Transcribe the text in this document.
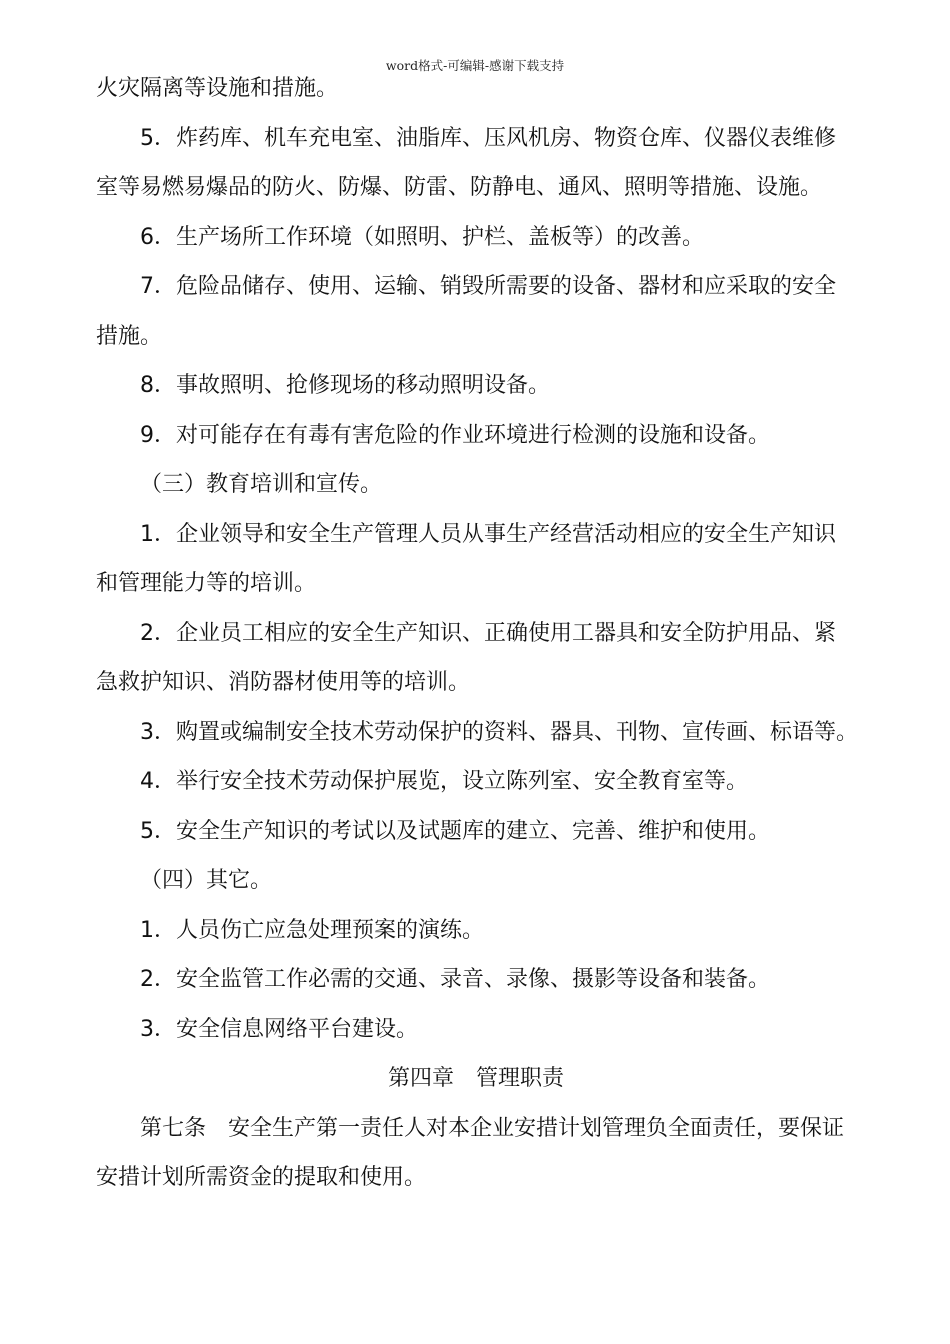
word格式-可编辑-感谢下载支持

火灾隔离等设施和措施。

5．炸药库、机车充电室、油脂库、压风机房、物资仓库、仪器仪表维修

室等易燃易爆品的防火、防爆、防雷、防静电、通风、照明等措施、设施。

6．生产场所工作环境（如照明、护栏、盖板等）的改善。

7．危险品储存、使用、运输、销毁所需要的设备、器材和应采取的安全

措施。

8．事故照明、抢修现场的移动照明设备。

9．对可能存在有毒有害危险的作业环境进行检测的设施和设备。

（三）教育培训和宣传。

1．企业领导和安全生产管理人员从事生产经营活动相应的安全生产知识

和管理能力等的培训。

2．企业员工相应的安全生产知识、正确使用工器具和安全防护用品、紧

急救护知识、消防器材使用等的培训。

3．购置或编制安全技术劳动保护的资料、器具、刊物、宣传画、标语等。

4．举行安全技术劳动保护展览，设立陈列室、安全教育室等。

5．安全生产知识的考试以及试题库的建立、完善、维护和使用。

（四）其它。

1．人员伤亡应急处理预案的演练。

2．安全监管工作必需的交通、录音、录像、摄影等设备和装备。

3．安全信息网络平台建设。

第四章　管理职责

第七条　安全生产第一责任人对本企业安措计划管理负全面责任，要保证

安措计划所需资金的提取和使用。
